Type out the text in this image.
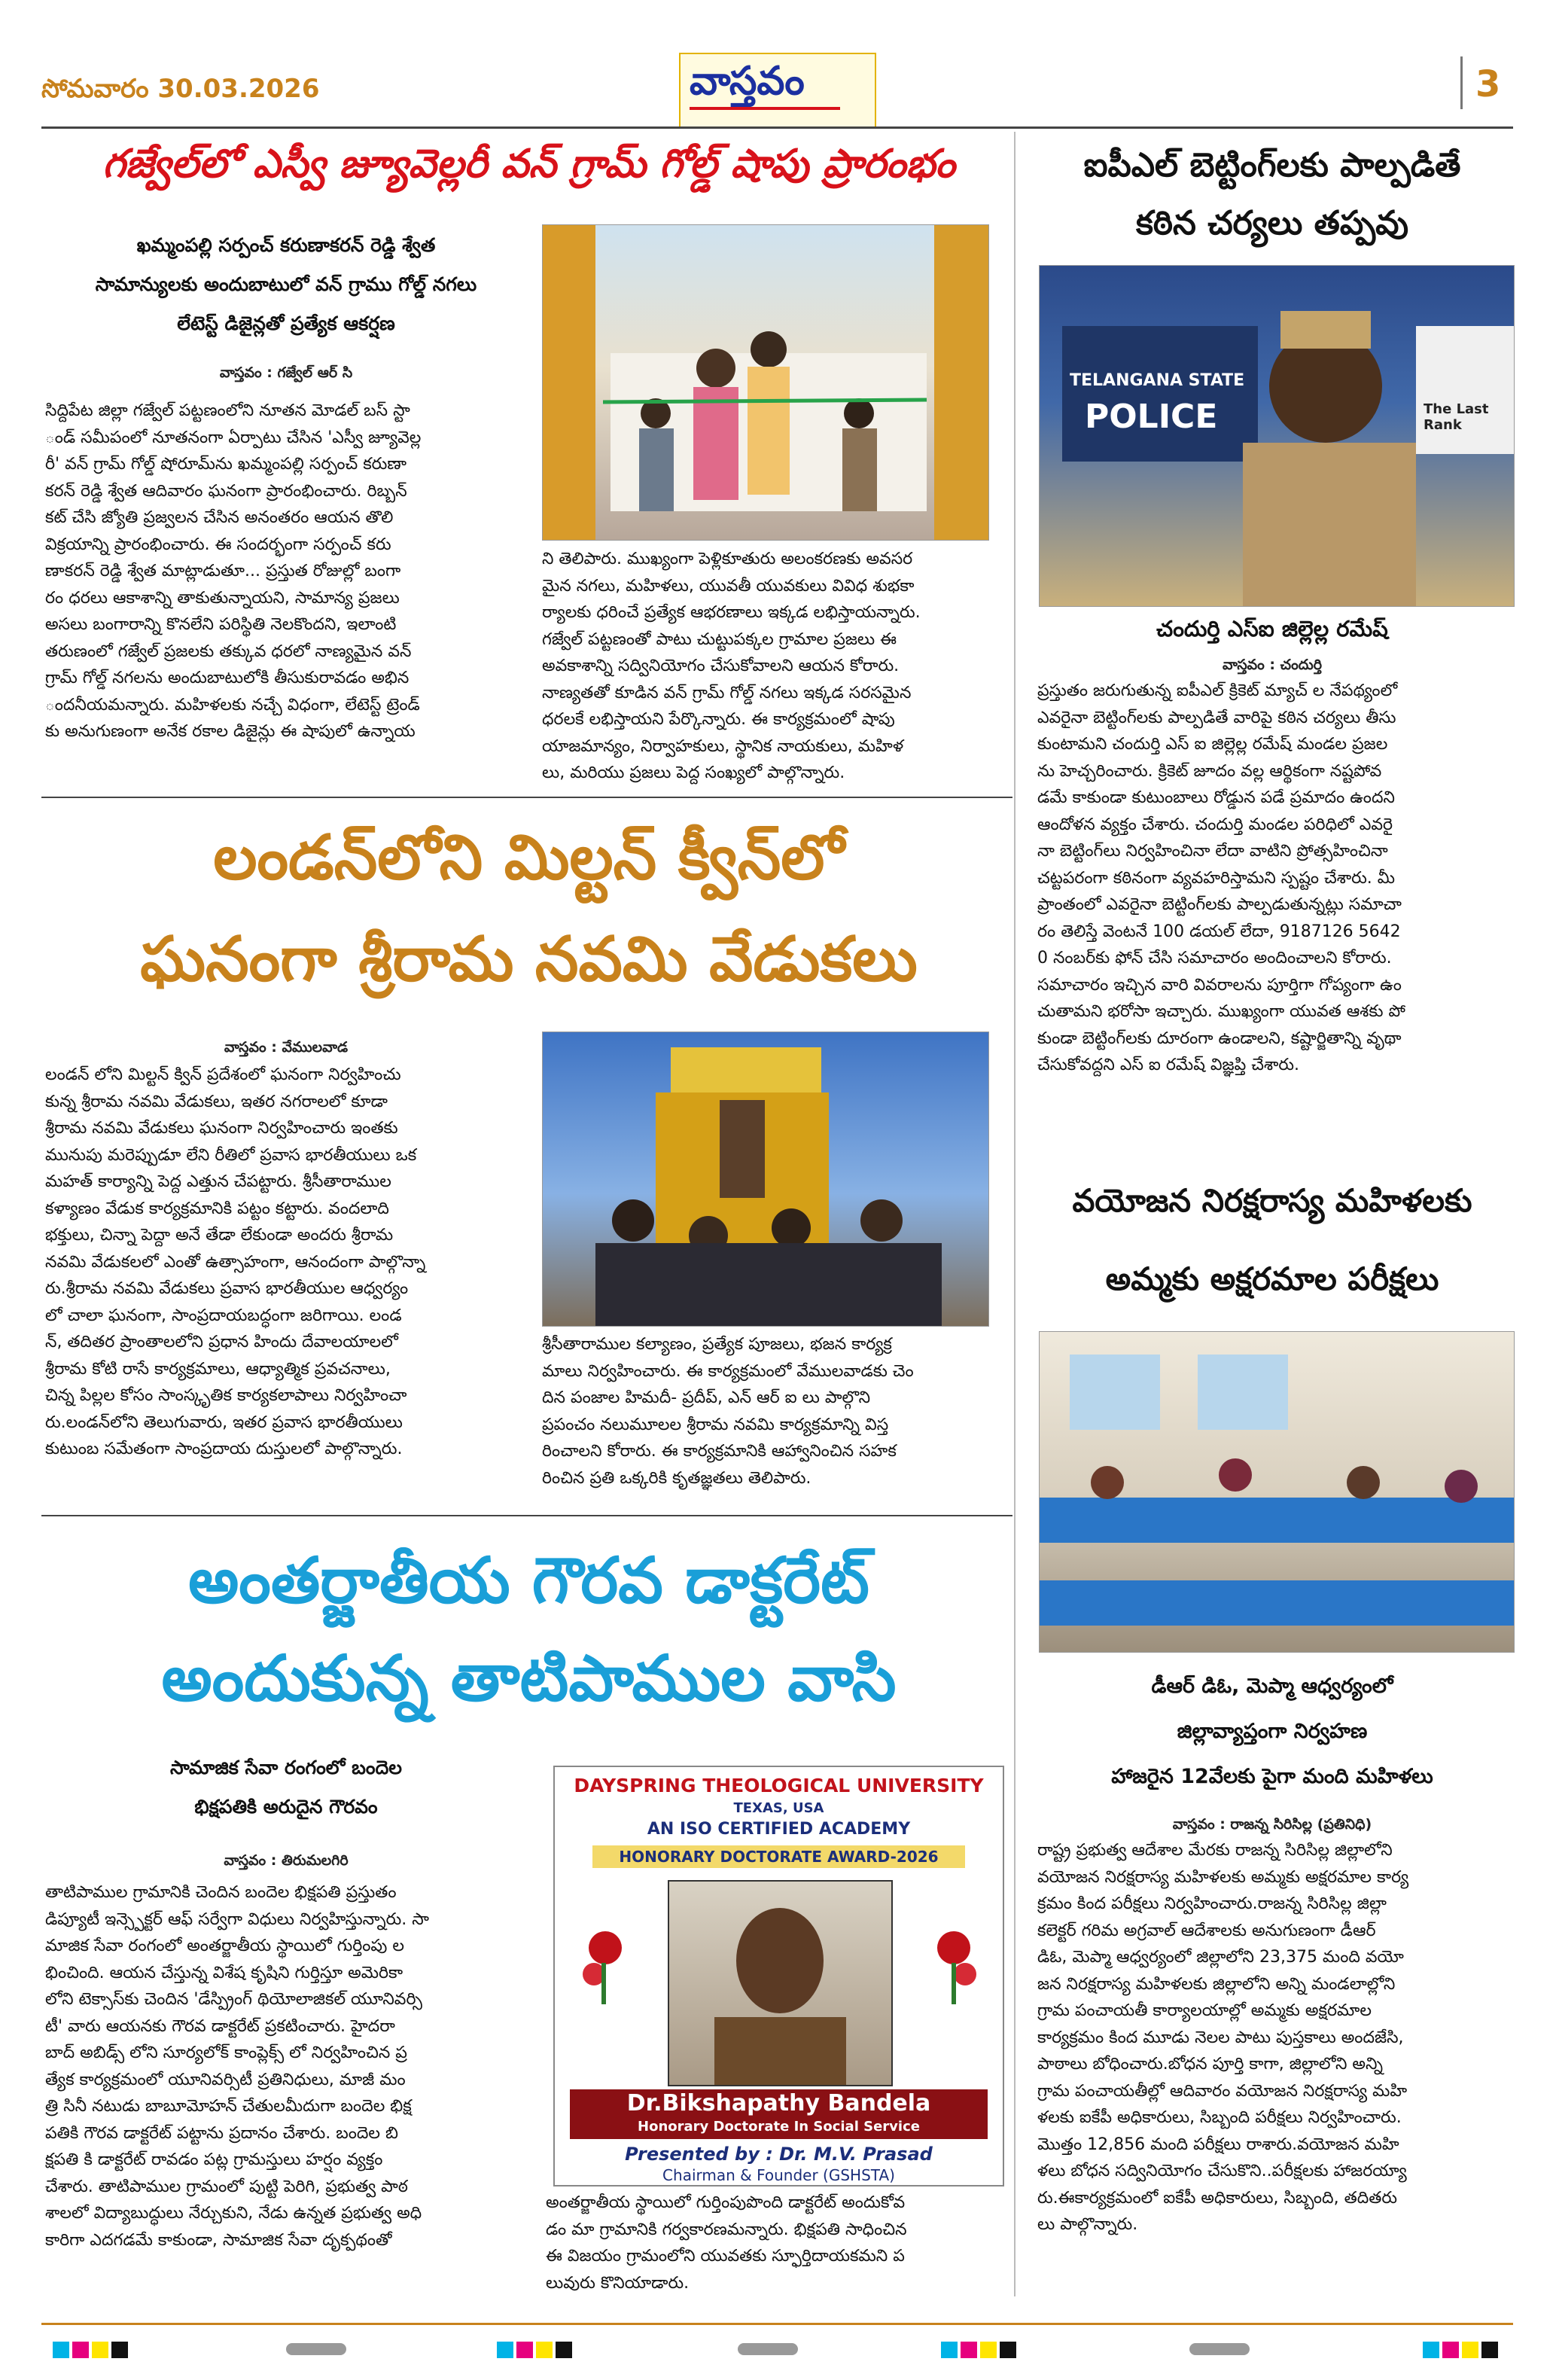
సోమవారం 30.03.2026	వాస్తవం	3
గజ్వేల్‌లో ఎస్వీ జ్యూవెల్లరీ వన్ గ్రామ్ గోల్డ్ షాపు ప్రారంభం
ఖమ్మంపల్లి సర్పంచ్ కరుణాకరన్ రెడ్డి శ్వేత
సామాన్యులకు అందుబాటులో వన్ గ్రాము గోల్డ్ నగలు
లేటెస్ట్ డిజైన్లతో ప్రత్యేక ఆకర్షణ
వాస్తవం : గజ్వేల్ ఆర్ సి
సిద్దిపేట జిల్లా గజ్వేల్ పట్టణంలోని నూతన మోడల్ బస్ స్టా
ండ్ సమీపంలో నూతనంగా ఏర్పాటు చేసిన 'ఎస్వీ జ్యూవెల్ల
రీ' వన్ గ్రామ్ గోల్డ్ షోరూమ్‌ను ఖమ్మంపల్లి సర్పంచ్ కరుణా
కరన్ రెడ్డి శ్వేత ఆదివారం ఘనంగా ప్రారంభించారు. రిబ్బన్
కట్ చేసి జ్యోతి ప్రజ్వలన చేసిన అనంతరం ఆయన తొలి
విక్రయాన్ని ప్రారంభించారు. ఈ సందర్భంగా సర్పంచ్ కరు
ణాకరన్ రెడ్డి శ్వేత మాట్లాడుతూ... ప్రస్తుత రోజుల్లో బంగా
రం ధరలు ఆకాశాన్ని తాకుతున్నాయని, సామాన్య ప్రజలు
అసలు బంగారాన్ని కొనలేని పరిస్థితి నెలకొందని, ఇలాంటి
తరుణంలో గజ్వేల్ ప్రజలకు తక్కువ ధరలో నాణ్యమైన వన్
గ్రామ్ గోల్డ్ నగలను అందుబాటులోకి తీసుకురావడం అభిన
ందనీయమన్నారు. మహిళలకు నచ్చే విధంగా, లేటెస్ట్ ట్రెండ్
కు అనుగుణంగా అనేక రకాల డిజైన్లు ఈ షాపులో ఉన్నాయ
ని తెలిపారు. ముఖ్యంగా పెళ్లికూతురు అలంకరణకు అవసర
మైన నగలు, మహిళలు, యువతీ యువకులు వివిధ శుభకా
ర్యాలకు ధరించే ప్రత్యేక ఆభరణాలు ఇక్కడ లభిస్తాయన్నారు.
గజ్వేల్ పట్టణంతో పాటు చుట్టుపక్కల గ్రామాల ప్రజలు ఈ
అవకాశాన్ని సద్వినియోగం చేసుకోవాలని ఆయన కోరారు.
నాణ్యతతో కూడిన వన్ గ్రామ్ గోల్డ్ నగలు ఇక్కడ సరసమైన
ధరలకే లభిస్తాయని పేర్కొన్నారు. ఈ కార్యక్రమంలో షాపు
యాజమాన్యం, నిర్వాహకులు, స్థానిక నాయకులు, మహిళ
లు, మరియు ప్రజలు పెద్ద సంఖ్యలో పాల్గొన్నారు.
లండన్‌లోని మిల్టన్ క్వీన్‌లో
ఘనంగా శ్రీరామ నవమి వేడుకలు
వాస్తవం : వేములవాడ
లండన్ లోని మిల్టన్ క్విన్ ప్రదేశంలో ఘనంగా నిర్వహించు
కున్న శ్రీరామ నవమి వేడుకలు, ఇతర నగరాలలో కూడా
శ్రీరామ నవమి వేడుకలు ఘనంగా నిర్వహించారు ఇంతకు
మునుపు మరెప్పుడూ లేని రీతిలో ప్రవాస భారతీయులు ఒక
మహత్ కార్యాన్ని పెద్ద ఎత్తున చేపట్టారు. శ్రీసీతారాముల
కళ్యాణం వేడుక కార్యక్రమానికి పట్టం కట్టారు. వందలాది
భక్తులు, చిన్నా పెద్దా అనే తేడా లేకుండా అందరు శ్రీరామ
నవమి వేడుకలలో ఎంతో ఉత్సాహంగా, ఆనందంగా పాల్గొన్నా
రు.శ్రీరామ నవమి వేడుకలు ప్రవాస భారతీయుల ఆధ్వర్యం
లో చాలా ఘనంగా, సాంప్రదాయబద్ధంగా జరిగాయి. లండ
న్, తదితర ప్రాంతాలలోని ప్రధాన హిందు దేవాలయాలలో
శ్రీరామ కోటి రాసే కార్యక్రమాలు, ఆధ్యాత్మిక ప్రవచనాలు,
చిన్న పిల్లల కోసం సాంస్కృతిక కార్యకలాపాలు నిర్వహించా
రు.లండన్‌లోని తెలుగువారు, ఇతర ప్రవాస భారతీయులు
కుటుంబ సమేతంగా సాంప్రదాయ దుస్తులలో పాల్గొన్నారు.
శ్రీసీతారాముల కల్యాణం, ప్రత్యేక పూజలు, భజన కార్యక్ర
మాలు నిర్వహించారు. ఈ కార్యక్రమంలో వేములవాడకు చెం
దిన పంజాల హిమదీ- ప్రదీప్, ఎన్ ఆర్ ఐ లు పాల్గొని
ప్రపంచం నలుమూలల శ్రీరామ నవమి కార్యక్రమాన్ని విస్త
రించాలని కోరారు. ఈ కార్యక్రమానికి ఆహ్వానించిన సహక
రించిన ప్రతి ఒక్కరికి కృతజ్ఞతలు తెలిపారు.
అంతర్జాతీయ గౌరవ డాక్టరేట్
అందుకున్న తాటిపాముల వాసి
సామాజిక సేవా రంగంలో బందెల
భిక్షపతికి అరుదైన గౌరవం
వాస్తవం : తిరుమలగిరి
తాటిపాముల గ్రామానికి చెందిన బందెల భిక్షపతి ప్రస్తుతం
డిప్యూటీ ఇన్స్పెక్టర్ ఆఫ్ సర్వేగా విధులు నిర్వహిస్తున్నారు. సా
మాజిక సేవా రంగంలో అంతర్జాతీయ స్థాయిలో గుర్తింపు ల
భించింది. ఆయన చేస్తున్న విశేష కృషిని గుర్తిస్తూ అమెరికా
లోని టెక్సాస్‌కు చెందిన 'డేస్ప్రింగ్ థియోలాజికల్ యూనివర్సి
టీ' వారు ఆయనకు గౌరవ డాక్టరేట్ ప్రకటించారు. హైదరా
బాద్ అబిడ్స్ లోని సూర్యలోక్ కాంప్లెక్స్ లో నిర్వహించిన ప్ర
త్యేక కార్యక్రమంలో యూనివర్సిటీ ప్రతినిధులు, మాజీ మం
త్రి సినీ నటుడు బాబూమోహన్ చేతులమీదుగా బందెల భిక్ష
పతికి గౌరవ డాక్టరేట్ పట్టాను ప్రదానం చేశారు. బందెల బి
క్షపతి కి డాక్టరేట్ రావడం పట్ల గ్రామస్తులు హర్షం వ్యక్తం
చేశారు. తాటిపాముల గ్రామంలో పుట్టి పెరిగి, ప్రభుత్వ పాఠ
శాలలో విద్యాబుద్ధులు నేర్చుకుని, నేడు ఉన్నత ప్రభుత్వ అధి
కారిగా ఎదగడమే కాకుండా, సామాజిక సేవా దృక్పథంతో
DAYSPRING THEOLOGICAL UNIVERSITY
TEXAS, USA
AN ISO CERTIFIED ACADEMY
HONORARY DOCTORATE AWARD-2026
Dr.Bikshapathy Bandela
Honorary Doctorate In Social Service
Presented by : Dr. M.V. Prasad
Chairman & Founder (GSHSTA)
అంతర్జాతీయ స్థాయిలో గుర్తింపుపొంది డాక్టరేట్ అందుకోవ
డం మా గ్రామానికి గర్వకారణమన్నారు. భిక్షపతి సాధించిన
ఈ విజయం గ్రామంలోని యువతకు స్ఫూర్తిదాయకమని ప
లువురు కొనియాడారు.
ఐపీఎల్ బెట్టింగ్‌లకు పాల్పడితే
కఠిన చర్యలు తప్పవు
TELANGANA STATE
POLICE	The Last Rank
చందుర్తి ఎస్ఐ జిల్లెల్ల రమేష్
వాస్తవం : చందుర్తి
ప్రస్తుతం జరుగుతున్న ఐపీఎల్ క్రికెట్ మ్యాచ్ ల నేపథ్యంలో
ఎవరైనా బెట్టింగ్‌లకు పాల్పడితే వారిపై కఠిన చర్యలు తీసు
కుంటామని చందుర్తి ఎస్ ఐ జిల్లెల్ల రమేష్ మండల ప్రజల
ను హెచ్చరించారు. క్రికెట్ జూదం వల్ల ఆర్థికంగా నష్టపోవ
డమే కాకుండా కుటుంబాలు రోడ్డున పడే ప్రమాదం ఉందని
ఆందోళన వ్యక్తం చేశారు. చందుర్తి మండల పరిధిలో ఎవరై
నా బెట్టింగ్‌లు నిర్వహించినా లేదా వాటిని ప్రోత్సహించినా
చట్టపరంగా కఠినంగా వ్యవహరిస్తామని స్పష్టం చేశారు. మీ
ప్రాంతంలో ఎవరైనా బెట్టింగ్‌లకు పాల్పడుతున్నట్లు సమాచా
రం తెలిస్తే వెంటనే 100 డయల్ లేదా, 9187126 5642
0 నంబర్‌కు ఫోన్ చేసి సమాచారం అందించాలని కోరారు.
సమాచారం ఇచ్చిన వారి వివరాలను పూర్తిగా గోప్యంగా ఉం
చుతామని భరోసా ఇచ్చారు. ముఖ్యంగా యువత ఆశకు పో
కుండా బెట్టింగ్‌లకు దూరంగా ఉండాలని, కష్టార్జితాన్ని వృథా
చేసుకోవద్దని ఎస్ ఐ రమేష్ విజ్ఞప్తి చేశారు.
వయోజన నిరక్షరాస్య మహిళలకు
అమ్మకు అక్షరమాల పరీక్షలు
డీఆర్ డిఓ, మెప్మా ఆధ్వర్యంలో
జిల్లావ్యాప్తంగా నిర్వహణ
హాజరైన 12వేలకు పైగా మంది మహిళలు
వాస్తవం : రాజన్న సిరిసిల్ల (ప్రతినిధి)
రాష్ట్ర ప్రభుత్వ ఆదేశాల మేరకు రాజన్న సిరిసిల్ల జిల్లాలోని
వయోజన నిరక్షరాస్య మహిళలకు అమ్మకు అక్షరమాల కార్య
క్రమం కింద పరీక్షలు నిర్వహించారు.రాజన్న సిరిసిల్ల జిల్లా
కలెక్టర్ గరిమ అగ్రవాల్ ఆదేశాలకు అనుగుణంగా డీఆర్
డిఓ, మెప్మా ఆధ్వర్యంలో జిల్లాలోని 23,375 మంది వయో
జన నిరక్షరాస్య మహిళలకు జిల్లాలోని అన్ని మండలాల్లోని
గ్రామ పంచాయతీ కార్యాలయాల్లో అమ్మకు అక్షరమాల
కార్యక్రమం కింద మూడు నెలల పాటు పుస్తకాలు అందజేసి,
పాఠాలు బోధించారు.బోధన పూర్తి కాగా, జిల్లాలోని అన్ని
గ్రామ పంచాయతీల్లో ఆదివారం వయోజన నిరక్షరాస్య మహి
ళలకు ఐకేపీ అధికారులు, సిబ్బంది పరీక్షలు నిర్వహించారు.
మొత్తం 12,856 మంది పరీక్షలు రాశారు.వయోజన మహి
ళలు బోధన సద్వినియోగం చేసుకొని..పరీక్షలకు హాజరయ్యా
రు.ఈకార్యక్రమంలో ఐకేపీ అధికారులు, సిబ్బంది, తదితరు
లు పాల్గొన్నారు.
